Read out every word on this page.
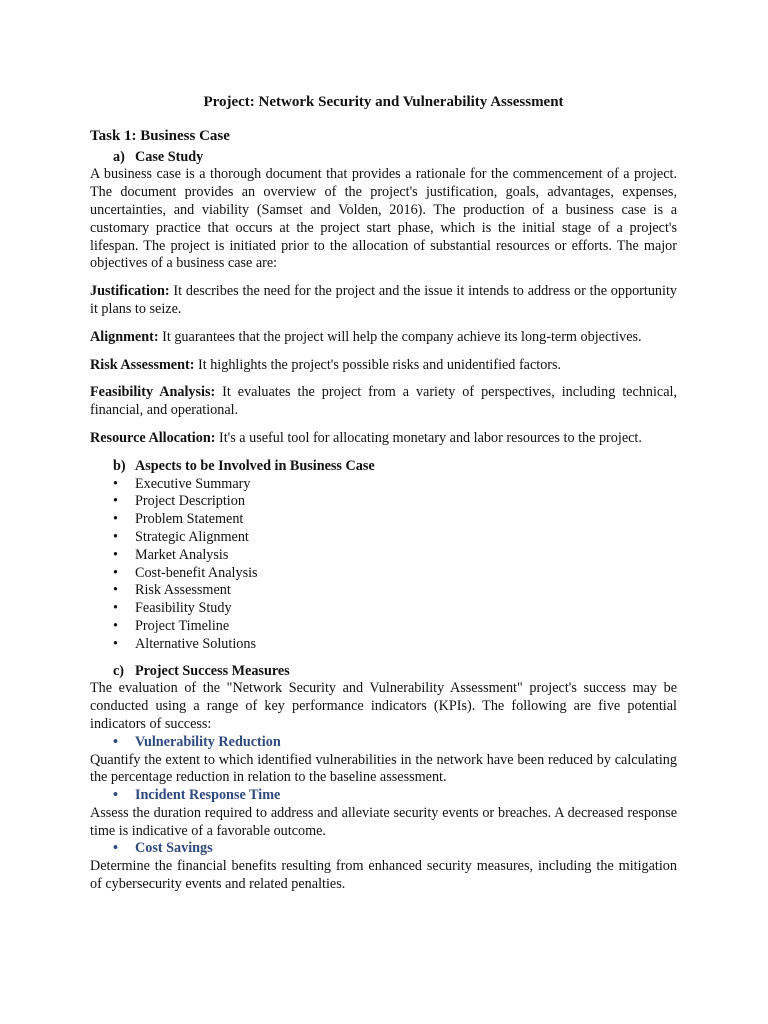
Project: Network Security and Vulnerability Assessment
Task 1: Business Case
a) Case Study

A business case is a thorough document that provides a rationale for the commencement of a project. The document provides an overview of the project's justification, goals, advantages, expenses, uncertainties, and viability (Samset and Volden, 2016). The production of a business case is a customary practice that occurs at the project start phase, which is the initial stage of a project's lifespan. The project is initiated prior to the allocation of substantial resources or efforts. The major objectives of a business case are:

Justification: It describes the need for the project and the issue it intends to address or the opportunity it plans to seize.

Alignment: It guarantees that the project will help the company achieve its long-term objectives.

Risk Assessment: It highlights the project's possible risks and unidentified factors.

Feasibility Analysis: It evaluates the project from a variety of perspectives, including technical, financial, and operational.

Resource Allocation: It's a useful tool for allocating monetary and labor resources to the project.

b) Aspects to be Involved in Business Case
• Executive Summary
• Project Description
• Problem Statement
• Strategic Alignment
• Market Analysis
• Cost-benefit Analysis
• Risk Assessment
• Feasibility Study
• Project Timeline
• Alternative Solutions
c) Project Success Measures

The evaluation of the "Network Security and Vulnerability Assessment" project's success may be conducted using a range of key performance indicators (KPIs). The following are five potential indicators of success:

• Vulnerability Reduction

Quantify the extent to which identified vulnerabilities in the network have been reduced by calculating the percentage reduction in relation to the baseline assessment.

• Incident Response Time

Assess the duration required to address and alleviate security events or breaches. A decreased response time is indicative of a favorable outcome.

• Cost Savings

Determine the financial benefits resulting from enhanced security measures, including the mitigation of cybersecurity events and related penalties.
